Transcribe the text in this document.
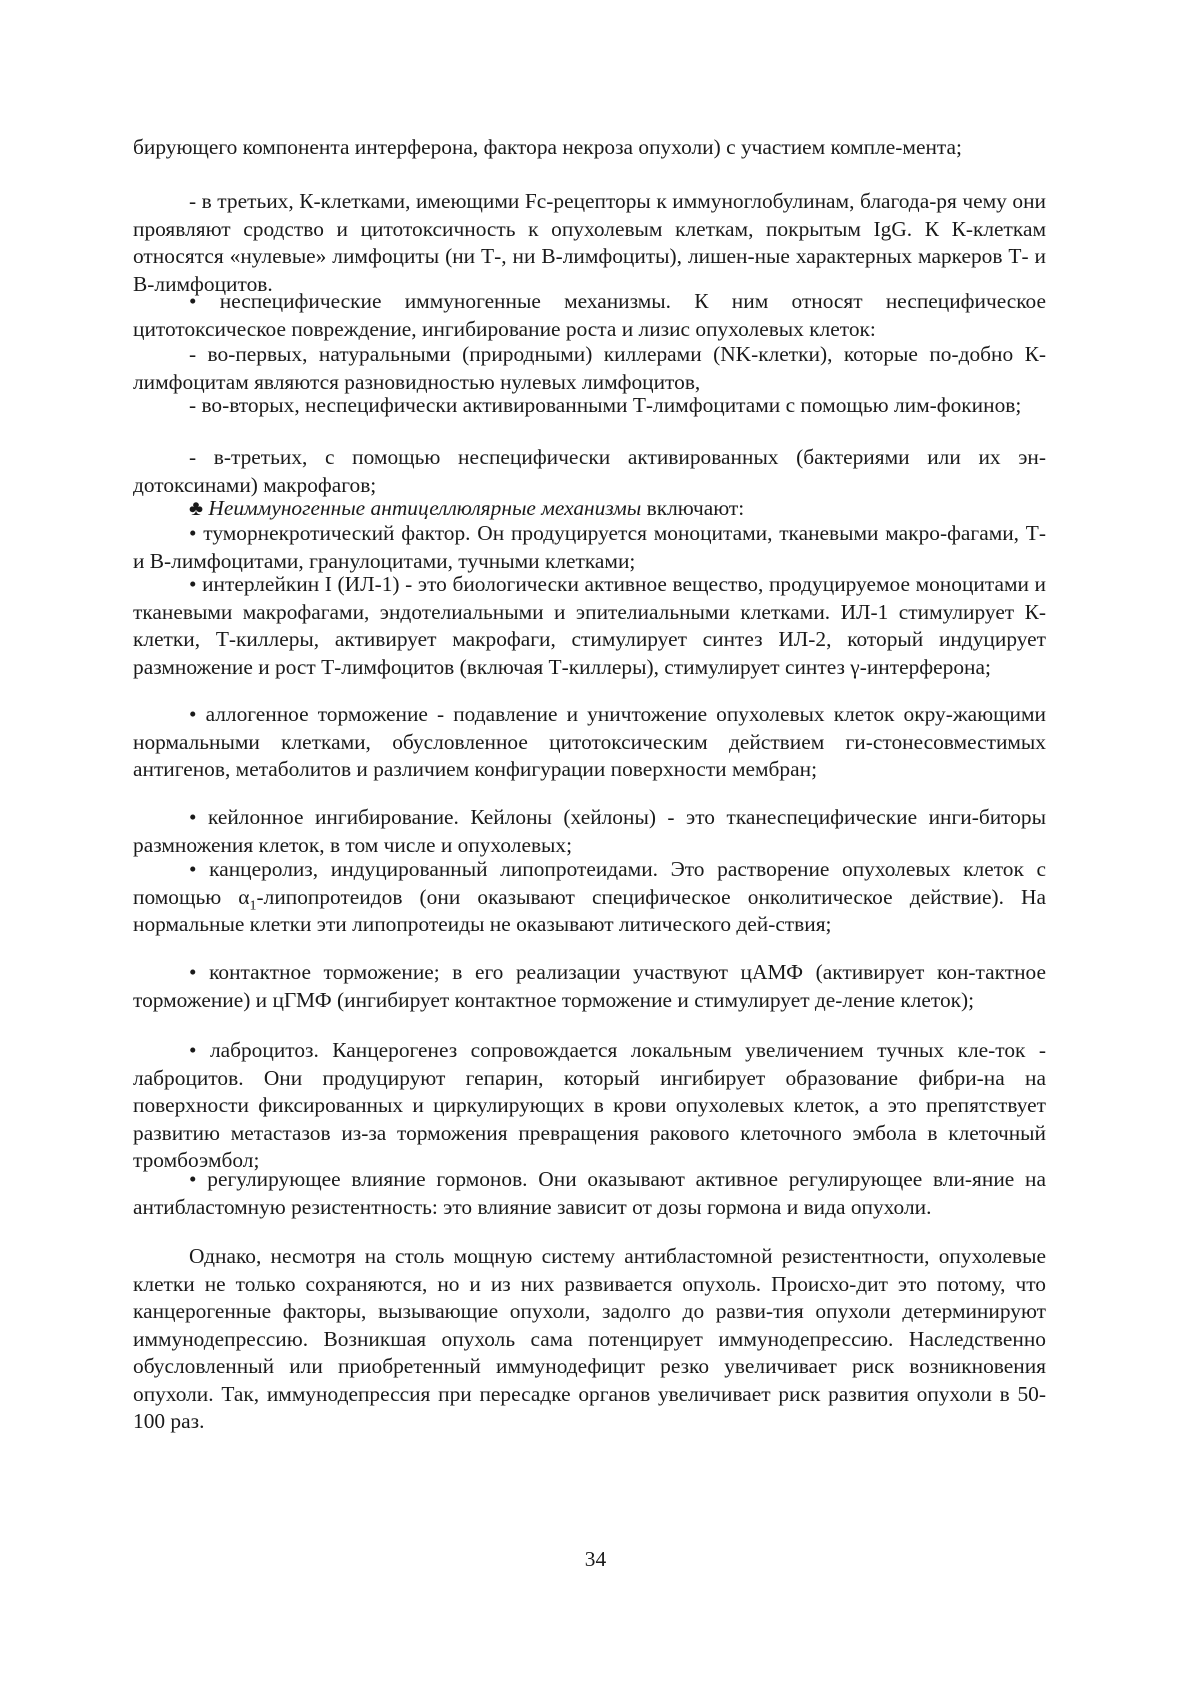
бирующего компонента интерферона, фактора некроза опухоли) с участием компле-мента;

- в третьих, К-клетками, имеющими Fc-рецепторы к иммуноглобулинам, благода-ря чему они проявляют сродство и цитотоксичность к опухолевым клеткам, покрытым IgG. К К-клеткам относятся «нулевые» лимфоциты (ни Т-, ни В-лимфоциты), лишен-ные характерных маркеров Т- и В-лимфоцитов.

• неспецифические иммуногенные механизмы. К ним относят неспецифическое цитотоксическое повреждение, ингибирование роста и лизис опухолевых клеток:

- во-первых, натуральными (природными) киллерами (NK-клетки), которые по-добно К-лимфоцитам являются разновидностью нулевых лимфоцитов,

- во-вторых, неспецифически активированными Т-лимфоцитами с помощью лим-фокинов;

- в-третьих, с помощью неспецифически активированных (бактериями или их эн-дотоксинами) макрофагов;

♣ Неиммуногенные антицеллюлярные механизмы включают:

• туморнекротический фактор. Он продуцируется моноцитами, тканевыми макро-фагами, Т- и В-лимфоцитами, гранулоцитами, тучными клетками;

• интерлейкин I (ИЛ-1) - это биологически активное вещество, продуцируемое моноцитами и тканевыми макрофагами, эндотелиальными и эпителиальными клетками. ИЛ-1 стимулирует К-клетки, Т-киллеры, активирует макрофаги, стимулирует синтез ИЛ-2, который индуцирует размножение и рост Т-лимфоцитов (включая Т-киллеры), стимулирует синтез γ-интерферона;

• аллогенное торможение - подавление и уничтожение опухолевых клеток окру-жающими нормальными клетками, обусловленное цитотоксическим действием ги-стонесовместимых антигенов, метаболитов и различием конфигурации поверхности мембран;

• кейлонное ингибирование. Кейлоны (хейлоны) - это тканеспецифические инги-биторы размножения клеток, в том числе и опухолевых;

• канцеролиз, индуцированный липопротеидами. Это растворение опухолевых клеток с помощью $\alpha_1$-липопротеидов (они оказывают специфическое онколитическое действие). На нормальные клетки эти липопротеиды не оказывают литического дей-ствия;

• контактное торможение; в его реализации участвуют цАМФ (активирует кон-тактное торможение) и цГМФ (ингибирует контактное торможение и стимулирует де-ление клеток);

• лаброцитоз. Канцерогенез сопровождается локальным увеличением тучных кле-ток - лаброцитов. Они продуцируют гепарин, который ингибирует образование фибри-на на поверхности фиксированных и циркулирующих в крови опухолевых клеток, а это препятствует развитию метастазов из-за торможения превращения ракового клеточного эмбола в клеточный тромбоэмбол;

• регулирующее влияние гормонов. Они оказывают активное регулирующее вли-яние на антибластомную резистентность: это влияние зависит от дозы гормона и вида опухоли.

Однако, несмотря на столь мощную систему антибластомной резистентности, опухолевые клетки не только сохраняются, но и из них развивается опухоль. Происхо-дит это потому, что канцерогенные факторы, вызывающие опухоли, задолго до разви-тия опухоли детерминируют иммунодепрессию. Возникшая опухоль сама потенцирует иммунодепрессию. Наследственно обусловленный или приобретенный иммунодефицит резко увеличивает риск возникновения опухоли. Так, иммунодепрессия при пересадке органов увеличивает риск развития опухоли в 50-100 раз.

34
